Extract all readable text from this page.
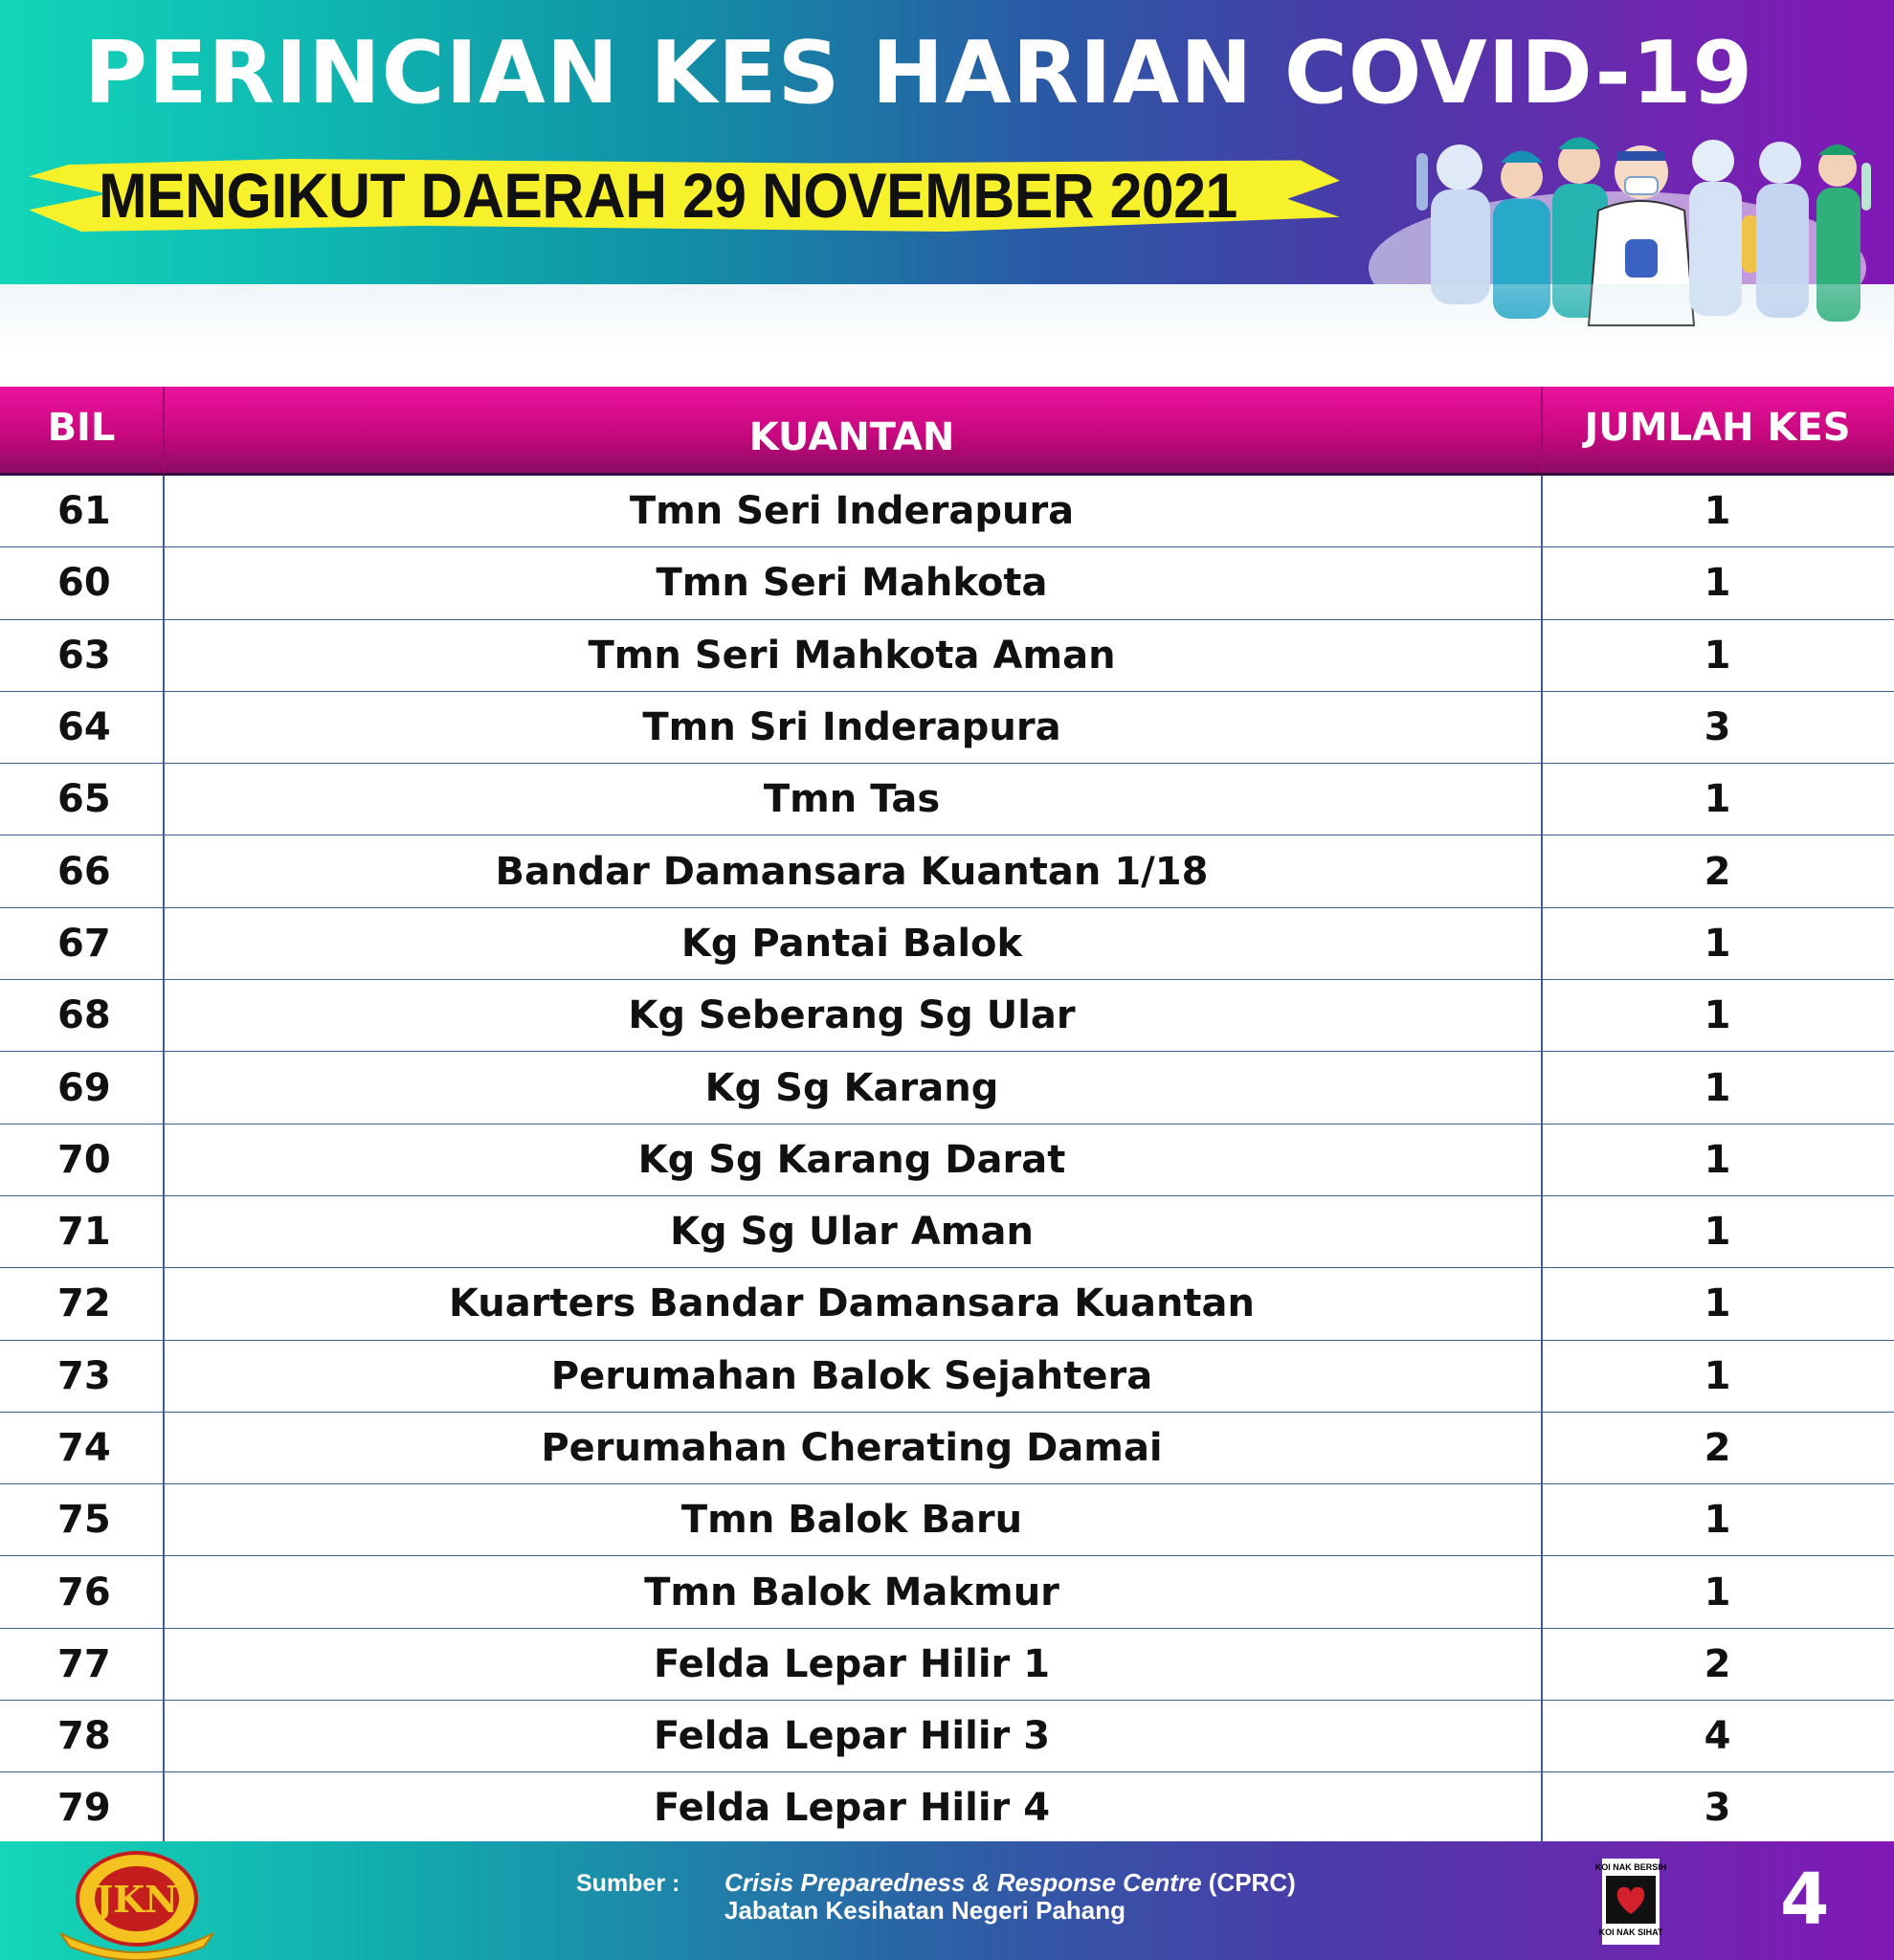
PERINCIAN KES HARIAN COVID-19
MENGIKUT DAERAH 29 NOVEMBER 2021
BIL	KUANTAN	JUMLAH KES
61	Tmn Seri Inderapura	1
60	Tmn Seri Mahkota	1
63	Tmn Seri Mahkota Aman	1
64	Tmn Sri Inderapura	3
65	Tmn Tas	1
66	Bandar Damansara Kuantan 1/18	2
67	Kg Pantai Balok	1
68	Kg Seberang Sg Ular	1
69	Kg Sg Karang	1
70	Kg Sg Karang Darat	1
71	Kg Sg Ular Aman	1
72	Kuarters Bandar Damansara Kuantan	1
73	Perumahan Balok Sejahtera	1
74	Perumahan Cherating Damai	2
75	Tmn Balok Baru	1
76	Tmn Balok Makmur	1
77	Felda Lepar Hilir 1	2
78	Felda Lepar Hilir 3	4
79	Felda Lepar Hilir 4	3
JKN	Sumber : Crisis Preparedness & Response Centre (CPRC)
Jabatan Kesihatan Negeri Pahang
KOI NAK BERSIH
KOI NAK SIHAT 4
